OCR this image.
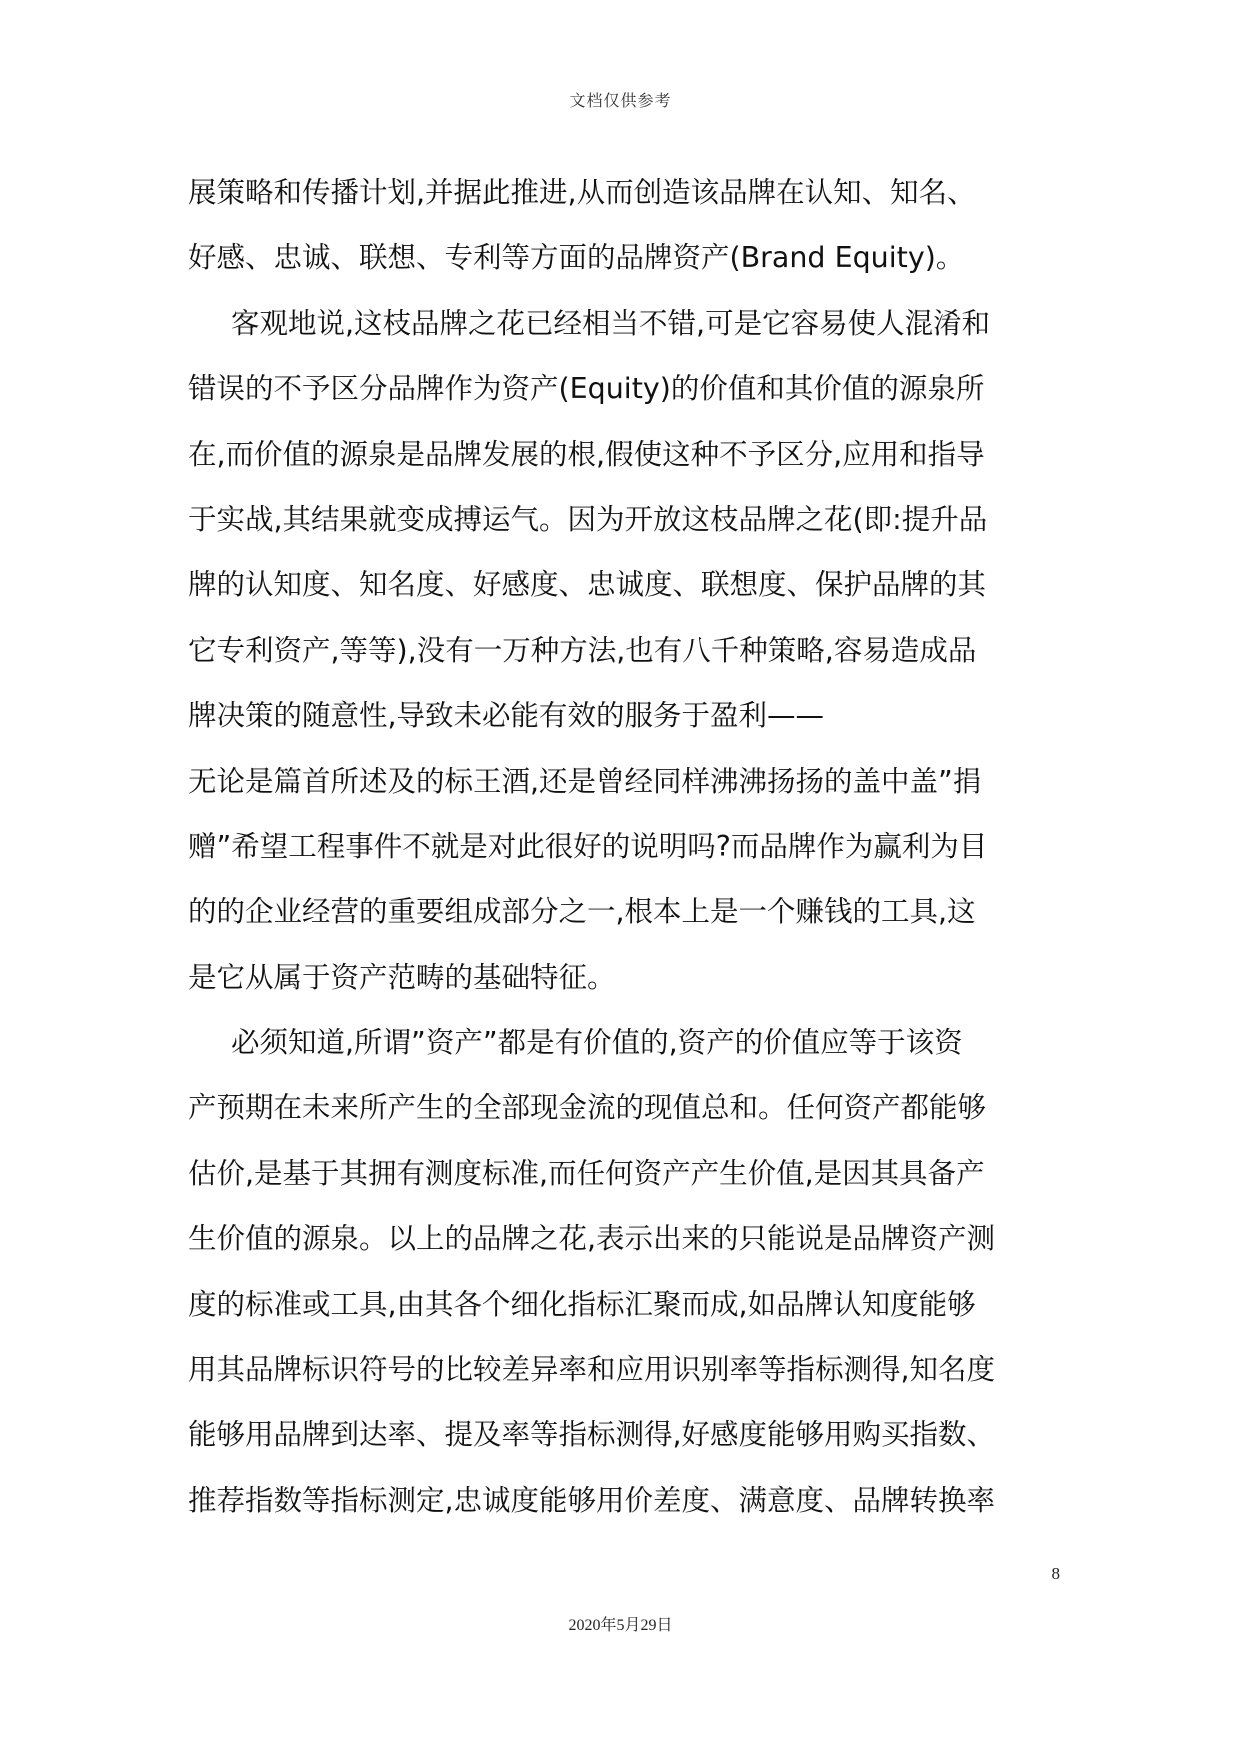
文档仅供参考
展策略和传播计划,并据此推进,从而创造该品牌在认知、知名、
好感、忠诚、联想、专利等方面的品牌资产(Brand Equity)。
客观地说,这枝品牌之花已经相当不错,可是它容易使人混淆和
错误的不予区分品牌作为资产(Equity)的价值和其价值的源泉所
在,而价值的源泉是品牌发展的根,假使这种不予区分,应用和指导
于实战,其结果就变成搏运气。因为开放这枝品牌之花(即:提升品
牌的认知度、知名度、好感度、忠诚度、联想度、保护品牌的其
它专利资产,等等),没有一万种方法,也有八千种策略,容易造成品
牌决策的随意性,导致未必能有效的服务于盈利——
无论是篇首所述及的标王酒,还是曾经同样沸沸扬扬的盖中盖”捐
赠”希望工程事件不就是对此很好的说明吗?而品牌作为赢利为目
的的企业经营的重要组成部分之一,根本上是一个赚钱的工具,这
是它从属于资产范畴的基础特征。
必须知道,所谓”资产”都是有价值的,资产的价值应等于该资
产预期在未来所产生的全部现金流的现值总和。任何资产都能够
估价,是基于其拥有测度标准,而任何资产产生价值,是因其具备产
生价值的源泉。以上的品牌之花,表示出来的只能说是品牌资产测
度的标准或工具,由其各个细化指标汇聚而成,如品牌认知度能够
用其品牌标识符号的比较差异率和应用识别率等指标测得,知名度
能够用品牌到达率、提及率等指标测得,好感度能够用购买指数、
推荐指数等指标测定,忠诚度能够用价差度、满意度、品牌转换率
8
2020年5月29日
